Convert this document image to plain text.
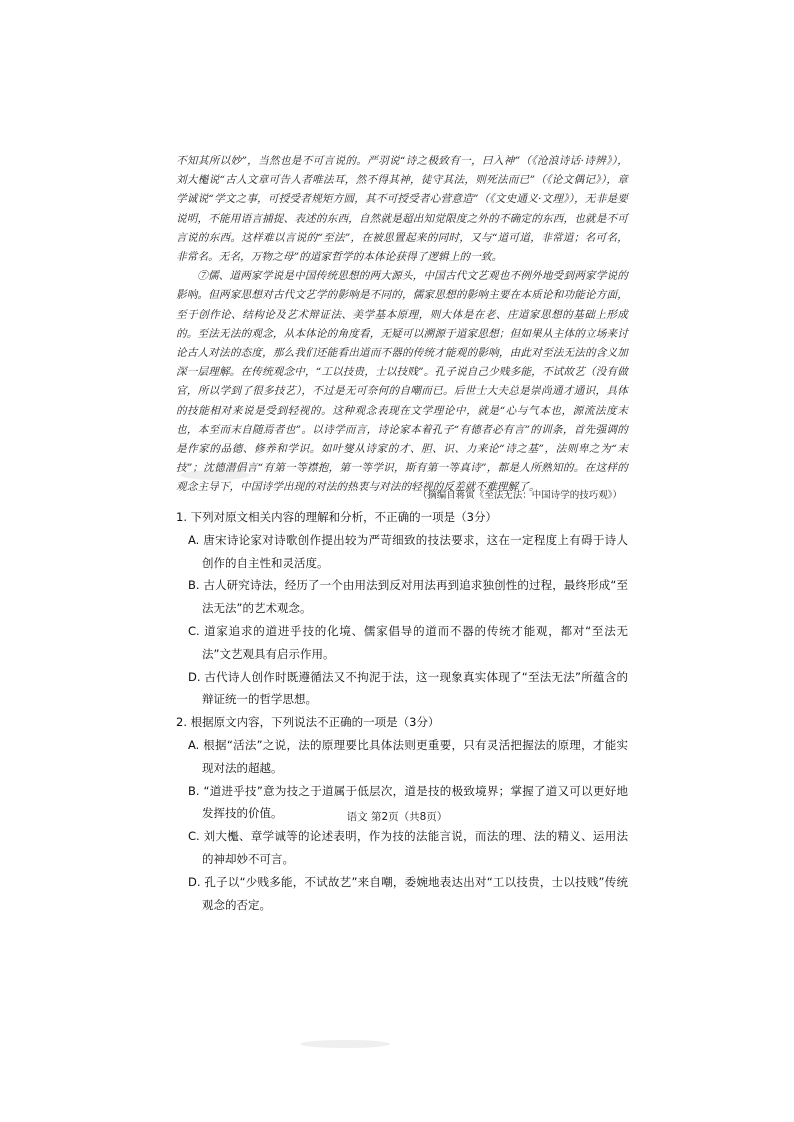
不知其所以妙”，当然也是不可言说的。严羽说“诗之极致有一，曰入神”（《沧浪诗话·诗辨》），刘大櫆说“古人文章可告人者唯法耳，然不得其神，徒守其法，则死法而已”（《论文偶记》），章学诚说“学文之事，可授受者规矩方圆，其不可授受者心营意造”（《文史通义·文理》），无非是要说明，不能用语言捕捉、表述的东西，自然就是超出知觉限度之外的不确定的东西，也就是不可言说的东西。这样难以言说的“至法”，在被思置起来的同时，又与“道可道，非常道；名可名，非常名。无名，万物之母”的道家哲学的本体论获得了逻辑上的一致。

⑦儒、道两家学说是中国传统思想的两大源头，中国古代文艺观也不例外地受到两家学说的影响。但两家思想对古代文艺学的影响是不同的，儒家思想的影响主要在本质论和功能论方面，至于创作论、结构论及艺术辩证法、美学基本原理，则大体是在老、庄道家思想的基础上形成的。至法无法的观念，从本体论的角度看，无疑可以溯源于道家思想；但如果从主体的立场来讨论古人对法的态度，那么我们还能看出道而不器的传统才能观的影响，由此对至法无法的含义加深一层理解。在传统观念中，“工以技贵，士以技贱”。孔子说自己少贱多能，不试故艺（没有做官，所以学到了很多技艺），不过是无可奈何的自嘲而已。后世士大夫总是崇尚通才通识，具体的技能相对来说是受到轻视的。这种观念表现在文学理论中，就是“心与气本也，源流法度末也，本至而末自随焉者也”。以诗学而言，诗论家本着孔子“有德者必有言”的训条，首先强调的是作家的品德、修养和学识。如叶燮从诗家的才、胆、识、力来论“诗之基”，法则卑之为“末技”；沈德潜倡言“有第一等襟抱，第一等学识，斯有第一等真诗”，都是人所熟知的。在这样的观念主导下，中国诗学出现的对法的热衷与对法的轻视的反差就不难理解了。

（摘编自蒋寅《至法无法：中国诗学的技巧观》）

1. 下列对原文相关内容的理解和分析，不正确的一项是（3分）

A. 唐宋诗论家对诗歌创作提出较为严苛细致的技法要求，这在一定程度上有碍于诗人创作的自主性和灵活度。

B. 古人研究诗法，经历了一个由用法到反对用法再到追求独创性的过程，最终形成“至法无法”的艺术观念。

C. 道家追求的道进乎技的化境、儒家倡导的道而不器的传统才能观，都对“至法无法”文艺观具有启示作用。

D. 古代诗人创作时既遵循法又不拘泥于法，这一现象真实体现了“至法无法”所蕴含的辩证统一的哲学思想。

2. 根据原文内容，下列说法不正确的一项是（3分）

A. 根据“活法”之说，法的原理要比具体法则更重要，只有灵活把握法的原理，才能实现对法的超越。

B. “道进乎技”意为技之于道属于低层次，道是技的极致境界；掌握了道又可以更好地发挥技的价值。

C. 刘大櫆、章学诚等的论述表明，作为技的法能言说，而法的理、法的精义、运用法的神却妙不可言。

D. 孔子以“少贱多能，不试故艺”来自嘲，委婉地表达出对“工以技贵，士以技贱”传统观念的否定。

语文 第2页（共8页）
